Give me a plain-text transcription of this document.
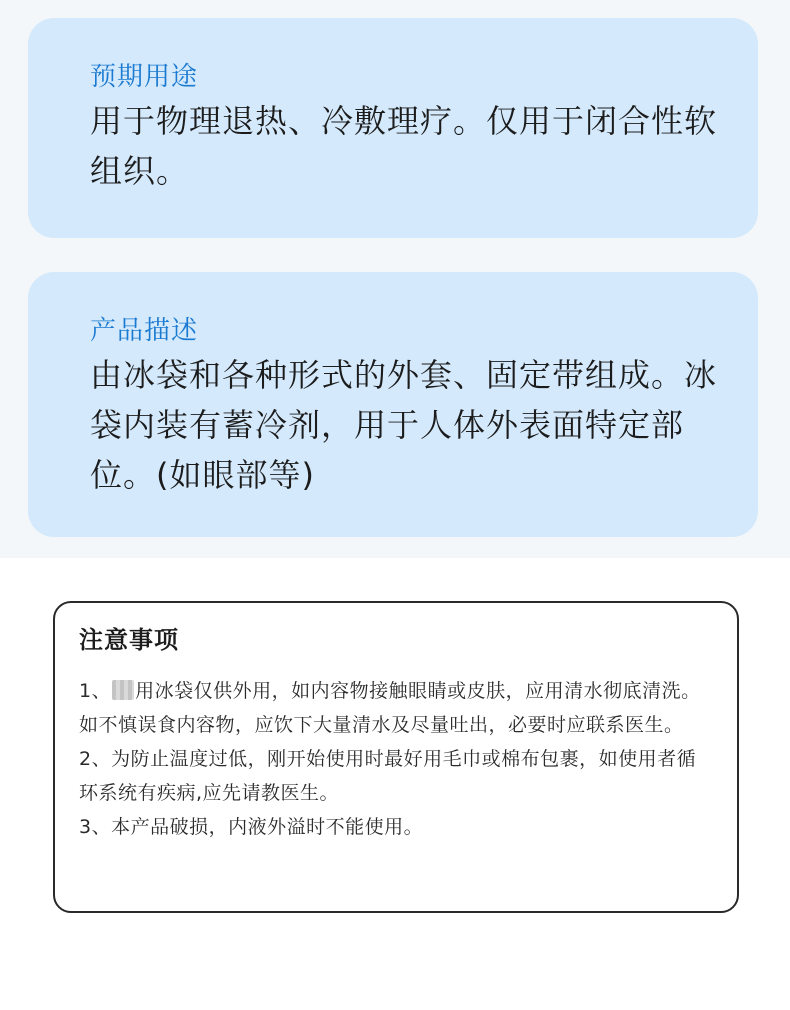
预期用途

用于物理退热、冷敷理疗。仅用于闭合性软组织。

产品描述

由冰袋和各种形式的外套、固定带组成。冰袋内装有蓄冷剂，用于人体外表面特定部位。(如眼部等)

注意事项

1、 用冰袋仅供外用，如内容物接触眼睛或皮肤，应用清水彻底清洗。如不慎误食内容物，应饮下大量清水及尽量吐出，必要时应联系医生。
2、为防止温度过低，刚开始使用时最好用毛巾或棉布包裹，如使用者循环系统有疾病,应先请教医生。
3、本产品破损，内液外溢时不能使用。
